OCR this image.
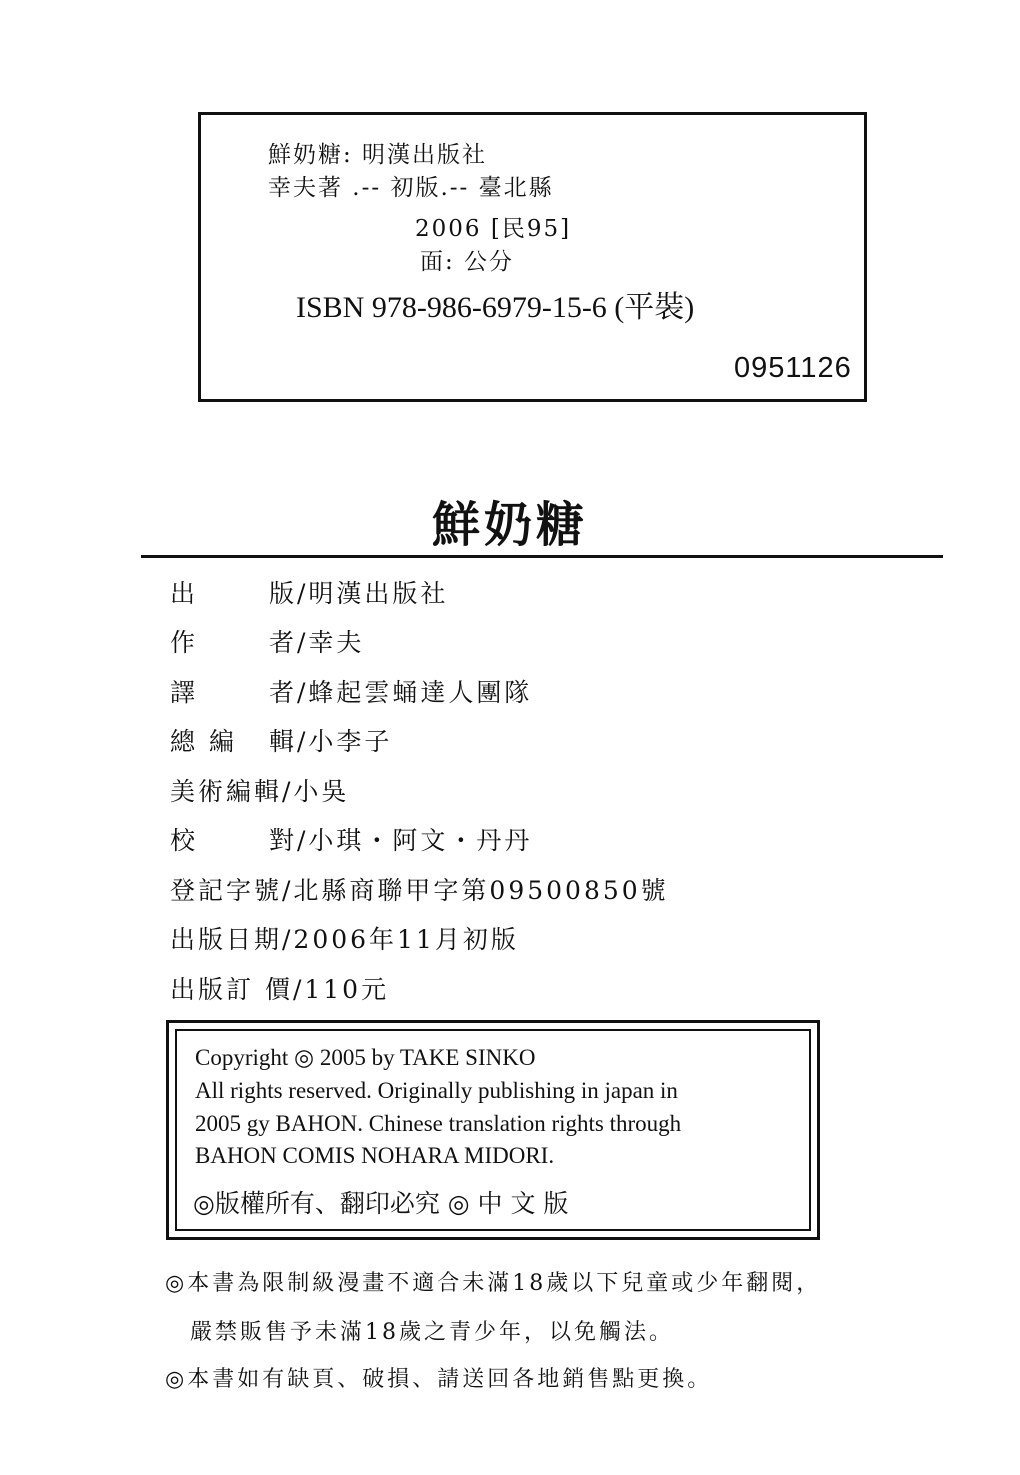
鮮奶糖: 明漢出版社
幸夫著 .-- 初版.-- 臺北縣
2006 [民95]
面: 公分
ISBN 978-986-6979-15-6 (平裝)
0951126
鮮奶糖
出	版/明漢出版社
作	者/幸夫
譯	者/蜂起雲蛹達人團隊
總 編 輯/小李子
美術編輯/小吳
校	對/小琪・阿文・丹丹
登記字號/北縣商聯甲字第09500850號
出版日期/2006年11月初版
出版訂 價/110元
Copyright ◎ 2005 by TAKE SINKO
All rights reserved. Originally publishing in japan in
2005 gy BAHON. Chinese translation rights through
BAHON COMIS NOHARA MIDORI.
◎版權所有、翻印必究 ◎ 中 文 版
◎本書為限制級漫畫不適合未滿18歲以下兒童或少年翻閱，
嚴禁販售予未滿18歲之青少年，以免觸法。
◎本書如有缺頁、破損、請送回各地銷售點更換。
